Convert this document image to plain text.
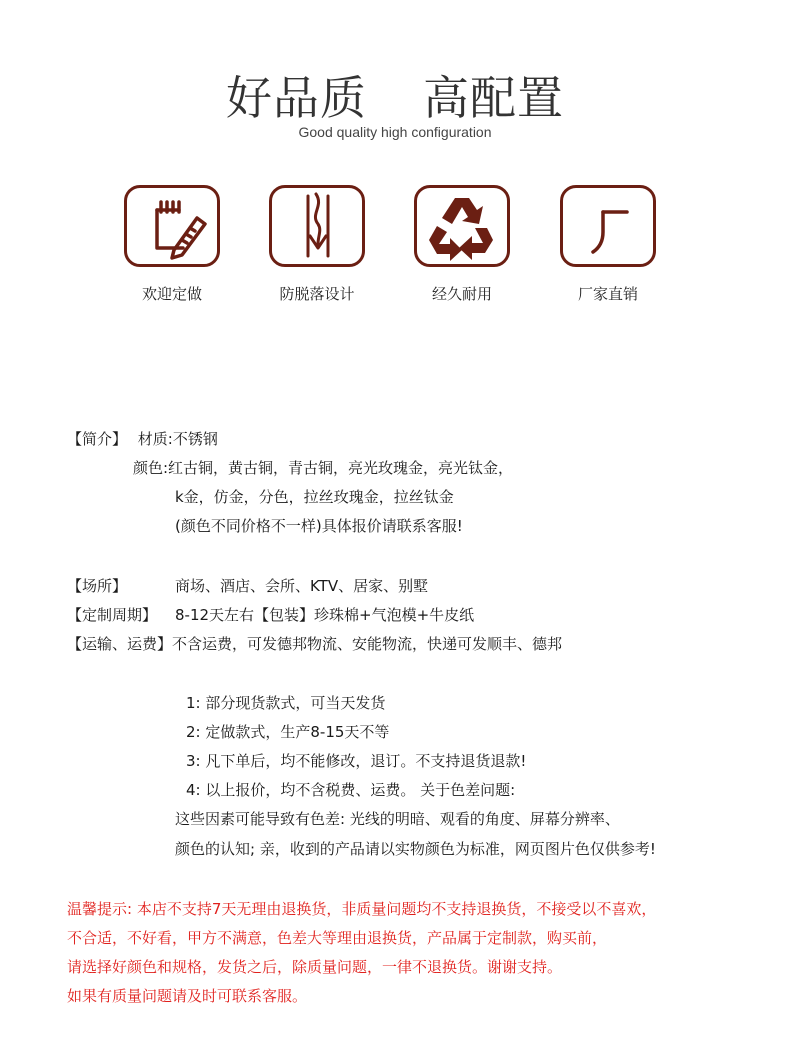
好品质 高配置
Good quality high configuration
欢迎定做	防脱落设计	经久耐用	厂家直销
【简介】 材质:不锈钢
颜色:红古铜，黄古铜，青古铜，亮光玫瑰金，亮光钛金，
k金，仿金，分色，拉丝玫瑰金，拉丝钛金
(颜色不同价格不一样)具体报价请联系客服!
【场所】	商场、酒店、会所、KTV、居家、别墅
【定制周期】 8-12天左右【包装】珍珠棉+气泡模+牛皮纸
【运输、运费】不含运费，可发德邦物流、安能物流，快递可发顺丰、德邦
1: 部分现货款式，可当天发货
2: 定做款式，生产8-15天不等
3: 凡下单后，均不能修改，退订。不支持退货退款!
4: 以上报价，均不含税费、运费。 关于色差问题:
这些因素可能导致有色差: 光线的明暗、观看的角度、屏幕分辨率、
颜色的认知; 亲，收到的产品请以实物颜色为标准，网页图片色仅供参考!
温馨提示: 本店不支持7天无理由退换货，非质量问题均不支持退换货，不接受以不喜欢，
不合适，不好看，甲方不满意，色差大等理由退换货，产品属于定制款，购买前，
请选择好颜色和规格，发货之后，除质量问题，一律不退换货。谢谢支持。
如果有质量问题请及时可联系客服。
